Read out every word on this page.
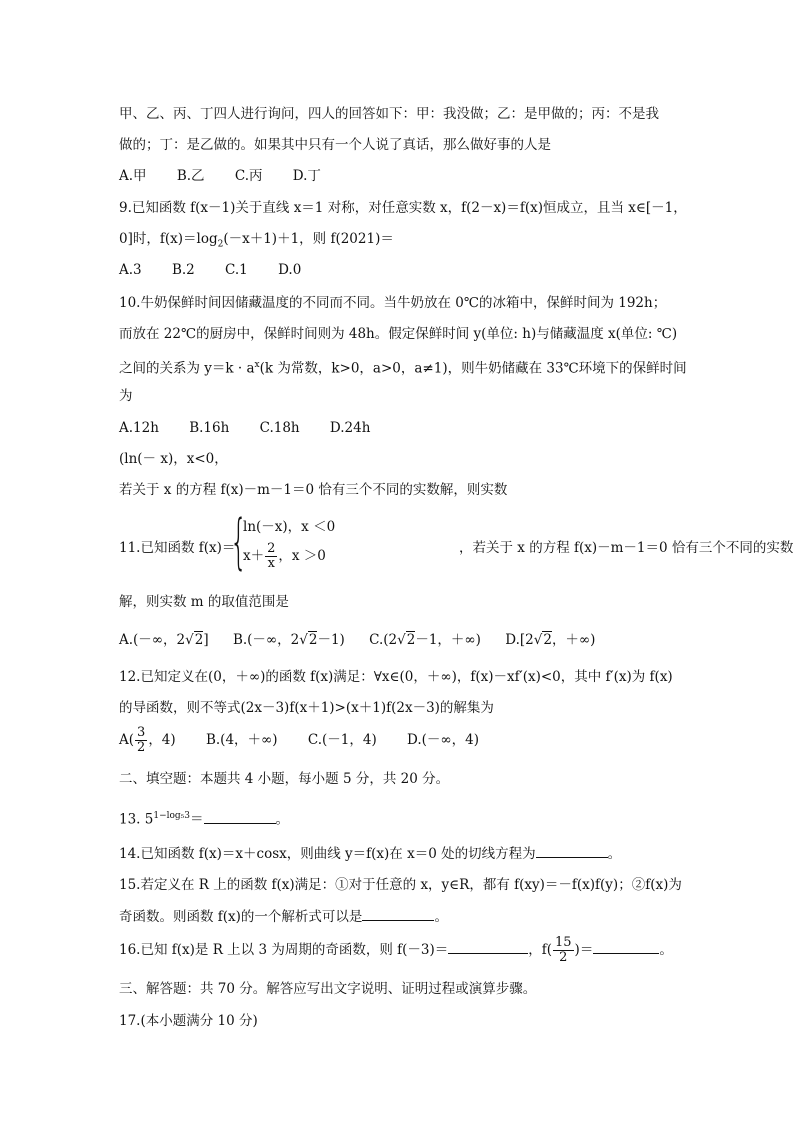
甲、乙、丙、丁四人进行询问，四人的回答如下：甲：我没做；乙：是甲做的；丙：不是我
做的；丁：是乙做的。如果其中只有一个人说了真话，那么做好事的人是
A.甲 B.乙 C.丙 D.丁
9.已知函数 f(x－1)关于直线 x＝1 对称，对任意实数 x，f(2－x)＝f(x)恒成立，且当 x∈[－1，
0]时，$f(x)=\log_2(-x+1)+1$，则 f(2021)＝
A.3 B.2 C.1 D.0
10.牛奶保鲜时间因储藏温度的不同而不同。当牛奶放在 0℃的冰箱中，保鲜时间为 192h；
而放在 22℃的厨房中，保鲜时间则为 48h。假定保鲜时间 y(单位: h)与储藏温度 x(单位: ℃)
之间的关系为 $y=k \cdot a^x(k$ 为常数，k>0，a>0，a≠1)，则牛奶储藏在 33℃环境下的保鲜时间
为
A.12h B.16h C.18h D.24h
(ln(－ x)，x<0，
若关于 x 的方程 f(x)－m－1＝0 恰有三个不同的实数解，则实数
11.已知函数 f(x)＝
{
ln(－x)，x ＜0
$x+ \frac{2}{x}$ ，x ＞0	，若关于 x 的方程 f(x)－m－1＝0 恰有三个不同的实数
解，则实数 m 的取值范围是
A.(－∞，2√2] B.(－∞，2√2－1) C.(2√2－1，＋∞) D.[2√2，＋∞)
12.已知定义在(0，＋∞)的函数 f(x)满足：∀x∈(0，＋∞)，f(x)－xf′(x)<0，其中 f′(x)为 f(x)
的导函数，则不等式(2x－3)f(x＋1)>(x＋1)f(2x－3)的解集为
$A( \frac{3}{2}$ ，4) B.(4，＋∞) C.(－1，4) D.(－∞，4)
二、填空题：本题共 4 小题，每小题 5 分，共 20 分。
13. $5^{1-log_53}=$	。
14.已知函数 f(x)＝x＋cosx，则曲线 y＝f(x)在 x＝0 处的切线方程为	。
15.若定义在 R 上的函数 f(x)满足：①对于任意的 x，y∈R，都有 f(xy)＝－f(x)f(y)；②f(x)为
奇函数。则函数 f(x)的一个解析式可以是	。
16.已知 f(x)是 R 上以 3 为周期的奇函数，则 f(－3)＝	，$f( \frac{15}{2}$ )＝	。
三、解答题：共 70 分。解答应写出文字说明、证明过程或演算步骤。
17.(本小题满分 10 分)
